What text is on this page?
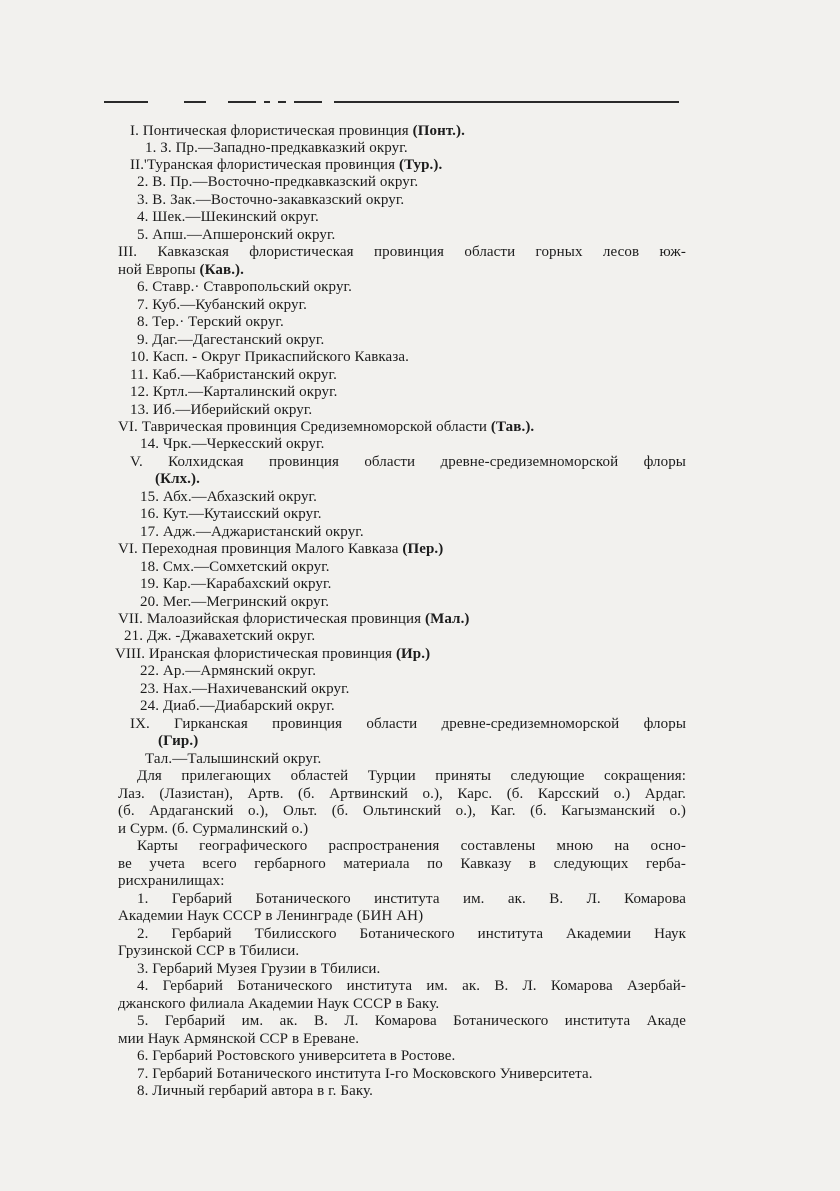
I. Понтическая флористическая провинция (Понт.).
1. З. Пр.—Западно-предкавказкий округ.
II.'Туранская флористическая провинция (Тур.).
2. В. Пр.—Восточно-предкавказский округ.
3. В. Зак.—Восточно-закавказский округ.
4. Шек.—Шекинский округ.
5. Апш.—Апшеронский округ.
III. Кавказская флористическая провинция области горных лесов юж-
ной Европы (Кав.).
6. Ставр.· Ставропольский округ.
7. Куб.—Кубанский округ.
8. Тер.· Терский округ.
9. Даг.—Дагестанский округ.
10. Касп. - Округ Прикаспийского Кавказа.
11. Каб.—Кабристанский округ.
12. Кртл.—Карталинский округ.
13. Иб.—Иберийский округ.
VI. Таврическая провинция Средиземноморской области (Тав.).
14. Чрк.—Черкесский округ.
V. Колхидская провинция области древне-средиземноморской флоры
(Клх.).
15. Абх.—Абхазский округ.
16. Кут.—Кутаисский округ.
17. Адж.—Аджаристанский округ.
VI. Переходная провинция Малого Кавказа (Пер.)
18. Смх.—Сомхетский округ.
19. Кар.—Карабахский округ.
20. Мег.—Мегринский округ.
VII. Малоазийская флористическая провинция (Мал.)
21. Дж. -Джавахетский округ.
VIII. Иранская флористическая провинция (Ир.)
22. Ар.—Армянский округ.
23. Нах.—Нахичеванский округ.
24. Диаб.—Диабарский округ.
IX. Гирканская провинция области древне-средиземноморской флоры
(Гир.)
Тал.—Талышинский округ.
Для прилегающих областей Турции приняты следующие сокращения:
Лаз. (Лазистан), Артв. (б. Артвинский о.), Карс. (б. Карсский о.) Ардаг.
(б. Ардаганский о.), Ольт. (б. Ольтинский о.), Каг. (б. Кагызманский о.)
и Сурм. (б. Сурмалинский о.)
Карты географического распространения составлены мною на осно-
ве учета всего гербарного материала по Кавказу в следующих герба-
рисхранилищах:
1. Гербарий Ботанического института им. ак. В. Л. Комарова
Академии Наук СССР в Ленинграде (БИН АН)
2. Гербарий Тбилисского Ботанического института Академии Наук
Грузинской ССР в Тбилиси.
3. Гербарий Музея Грузии в Тбилиси.
4. Гербарий Ботанического института им. ак. В. Л. Комарова Азербай-
джанского филиала Академии Наук СССР в Баку.
5. Гербарий им. ак. В. Л. Комарова Ботанического института Акаде
мии Наук Армянской ССР в Ереване.
6. Гербарий Ростовского университета в Ростове.
7. Гербарий Ботанического института I-го Московского Университета.
8. Личный гербарий автора в г. Баку.
